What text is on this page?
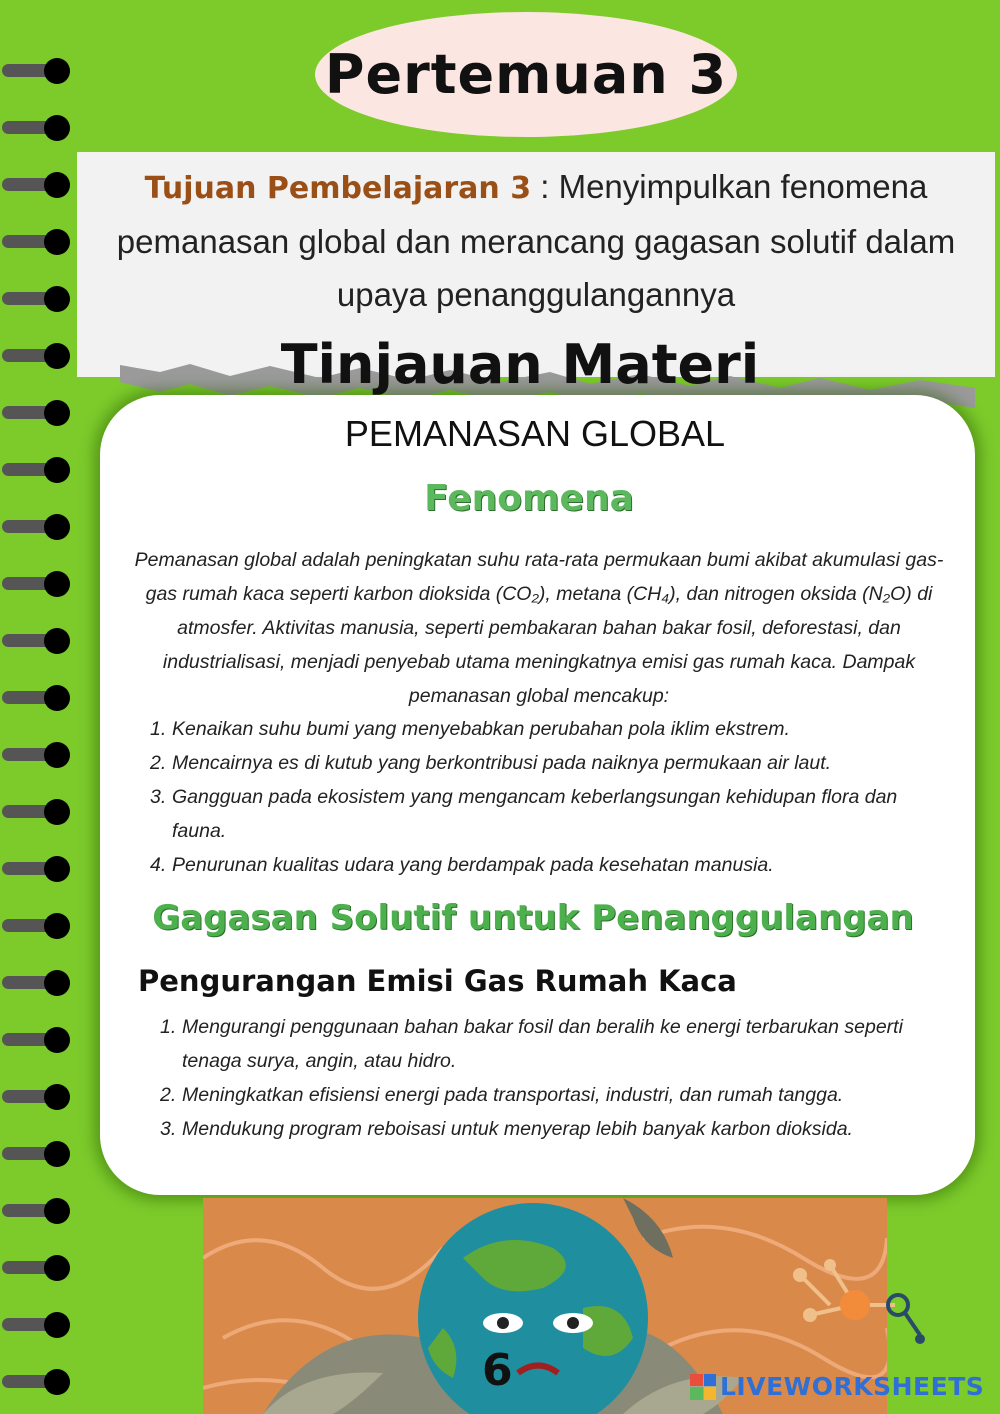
Pertemuan 3

Tujuan Pembelajaran 3 : Menyimpulkan fenomena pemanasan global dan merancang gagasan solutif dalam upaya penanggulangannya

Tinjauan Materi
PEMANASAN GLOBAL
Fenomena

Pemanasan global adalah peningkatan suhu rata-rata permukaan bumi akibat akumulasi gas-gas rumah kaca seperti karbon dioksida (CO₂), metana (CH₄), dan nitrogen oksida (N₂O) di atmosfer. Aktivitas manusia, seperti pembakaran bahan bakar fosil, deforestasi, dan industrialisasi, menjadi penyebab utama meningkatnya emisi gas rumah kaca. Dampak pemanasan global mencakup:

1. Kenaikan suhu bumi yang menyebabkan perubahan pola iklim ekstrem.
2. Mencairnya es di kutub yang berkontribusi pada naiknya permukaan air laut.
3. Gangguan pada ekosistem yang mengancam keberlangsungan kehidupan flora dan fauna.
4. Penurunan kualitas udara yang berdampak pada kesehatan manusia.
Gagasan Solutif untuk Penanggulangan
Pengurangan Emisi Gas Rumah Kaca
1. Mengurangi penggunaan bahan bakar fosil dan beralih ke energi terbarukan seperti tenaga surya, angin, atau hidro.
2. Meningkatkan efisiensi energi pada transportasi, industri, dan rumah tangga.
3. Mendukung program reboisasi untuk menyerap lebih banyak karbon dioksida.
6	LIVEWORKSHEETS
